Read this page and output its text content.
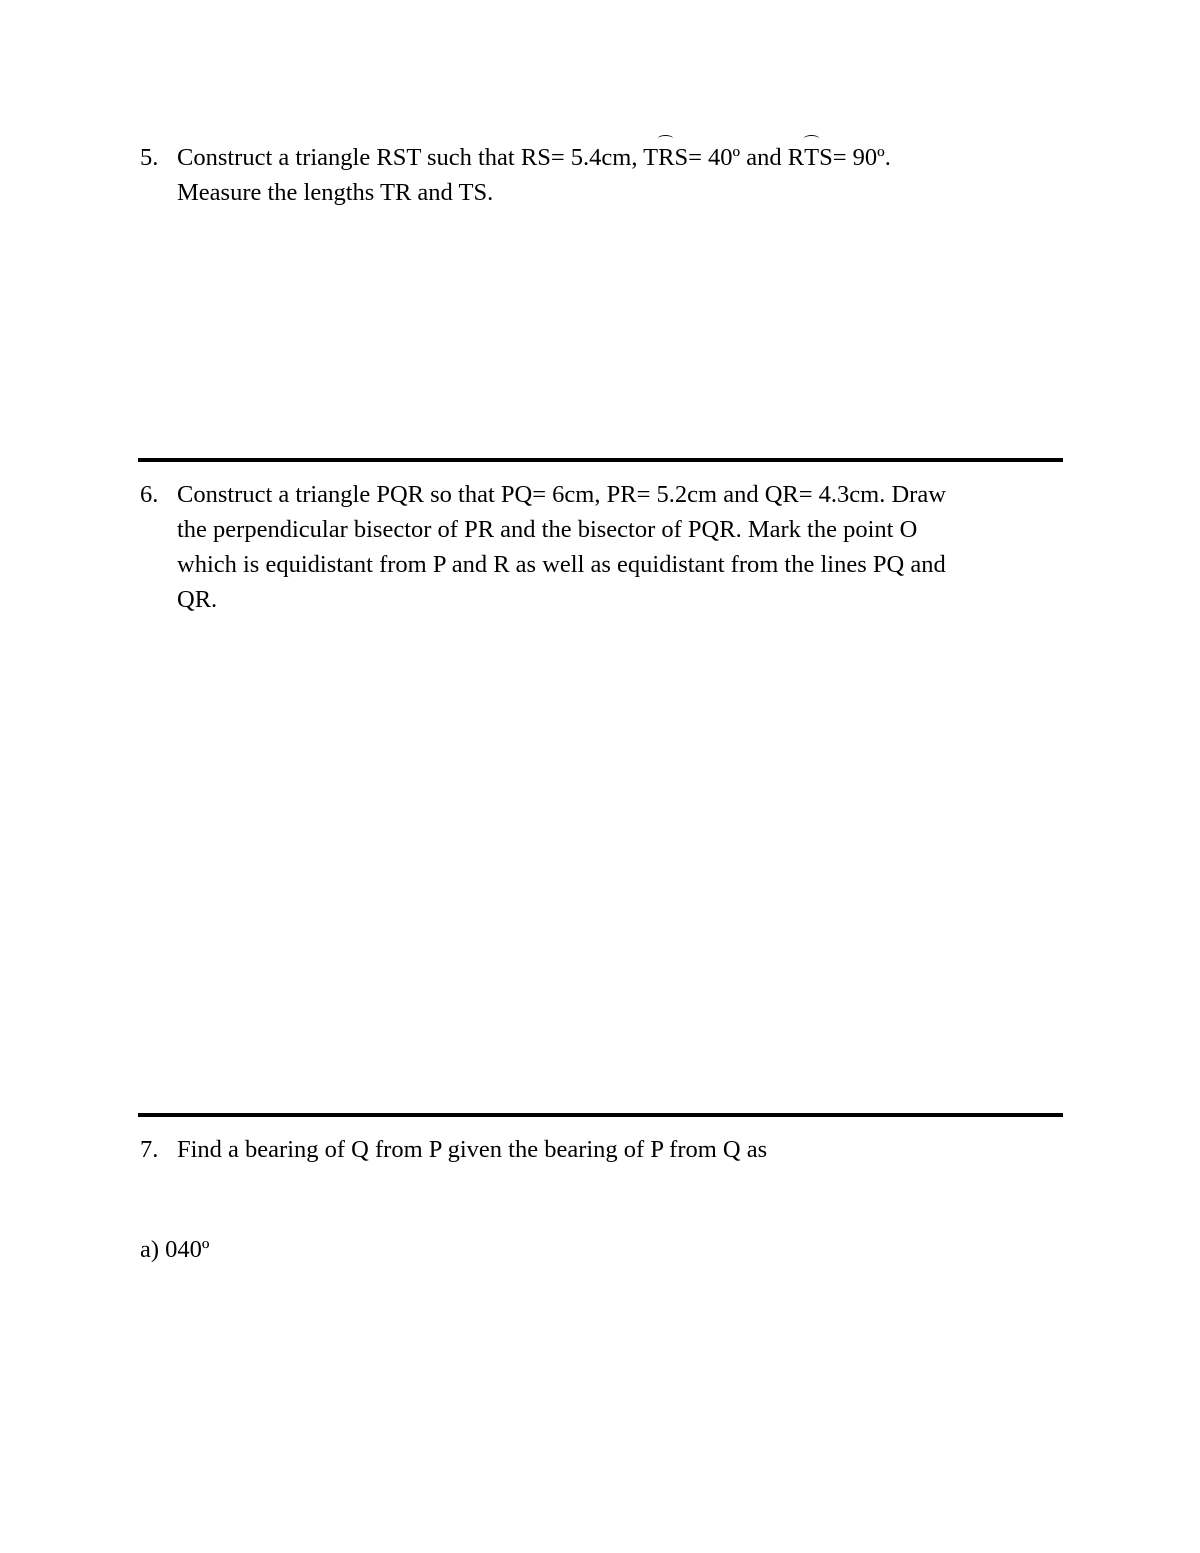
5. Construct a triangle RST such that RS= 5.4cm, TRS= 40º and RTS= 90º.
Measure the lengths TR and TS.
6. Construct a triangle PQR so that PQ= 6cm, PR= 5.2cm and QR= 4.3cm. Draw
the perpendicular bisector of PR and the bisector of PQR. Mark the point O
which is equidistant from P and R as well as equidistant from the lines PQ and
QR.
7. Find a bearing of Q from P given the bearing of P from Q as
a) 040º
